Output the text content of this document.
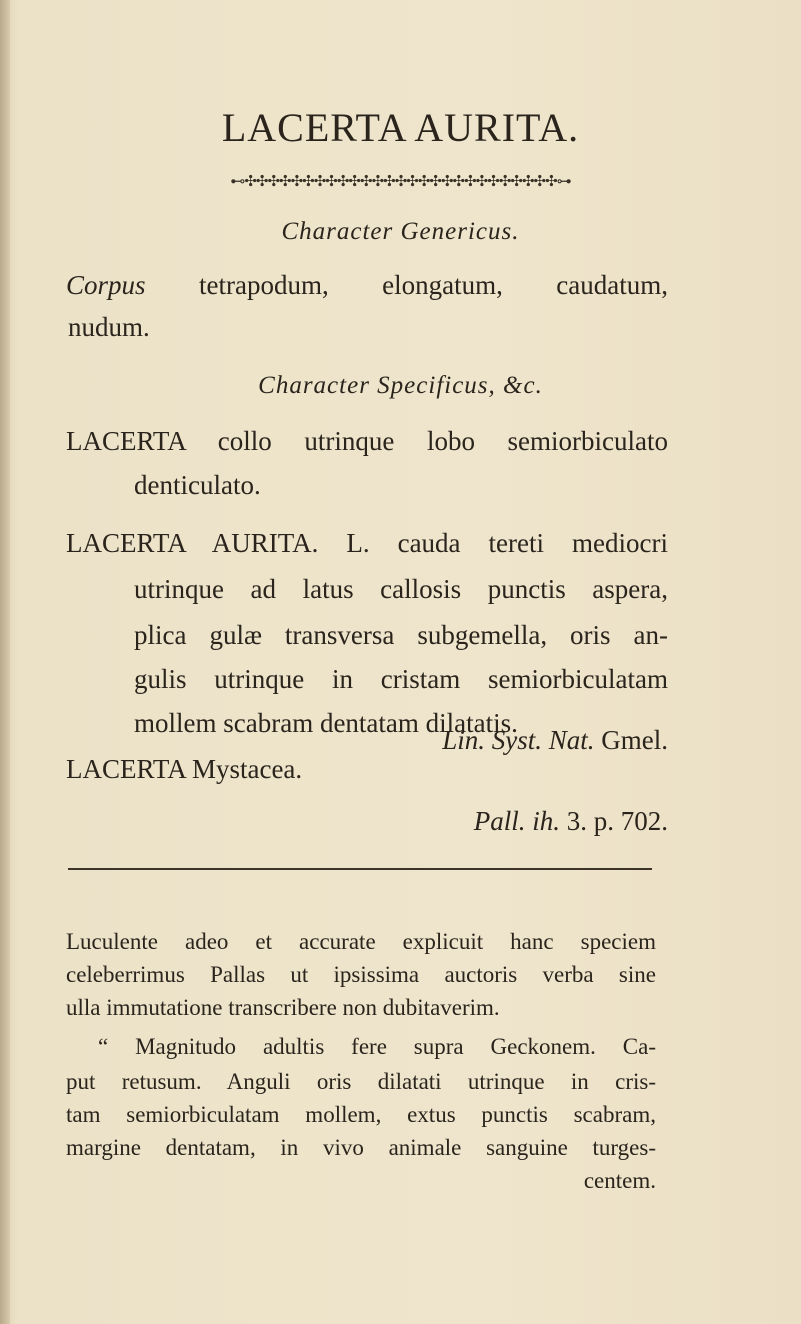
LACERTA AURITA.
⊷✣✣✣✣✣✣✣✣✣✣✣✣✣✣✣✣✣✣✣✣✣✣✣✣✣✣✣⊶
Character Genericus.
Corpus tetrapodum, elongatum, caudatum,
nudum.
Character Specificus, &c.
LACERTA collo utrinque lobo semiorbiculato
denticulato.
LACERTA AURITA. L. cauda tereti mediocri
utrinque ad latus callosis punctis aspera,
plica gulæ transversa subgemella, oris an-
gulis utrinque in cristam semiorbiculatam
mollem scabram dentatam dilatatis.
Lin. Syst. Nat. Gmel.
LACERTA Mystacea.
Pall. ih. 3. p. 702.
Luculente adeo et accurate explicuit hanc speciem
celeberrimus Pallas ut ipsissima auctoris verba sine
ulla immutatione transcribere non dubitaverim.
“ Magnitudo adultis fere supra Geckonem. Ca-
put retusum. Anguli oris dilatati utrinque in cris-
tam semiorbiculatam mollem, extus punctis scabram,
margine dentatam, in vivo animale sanguine turges-
centem.
